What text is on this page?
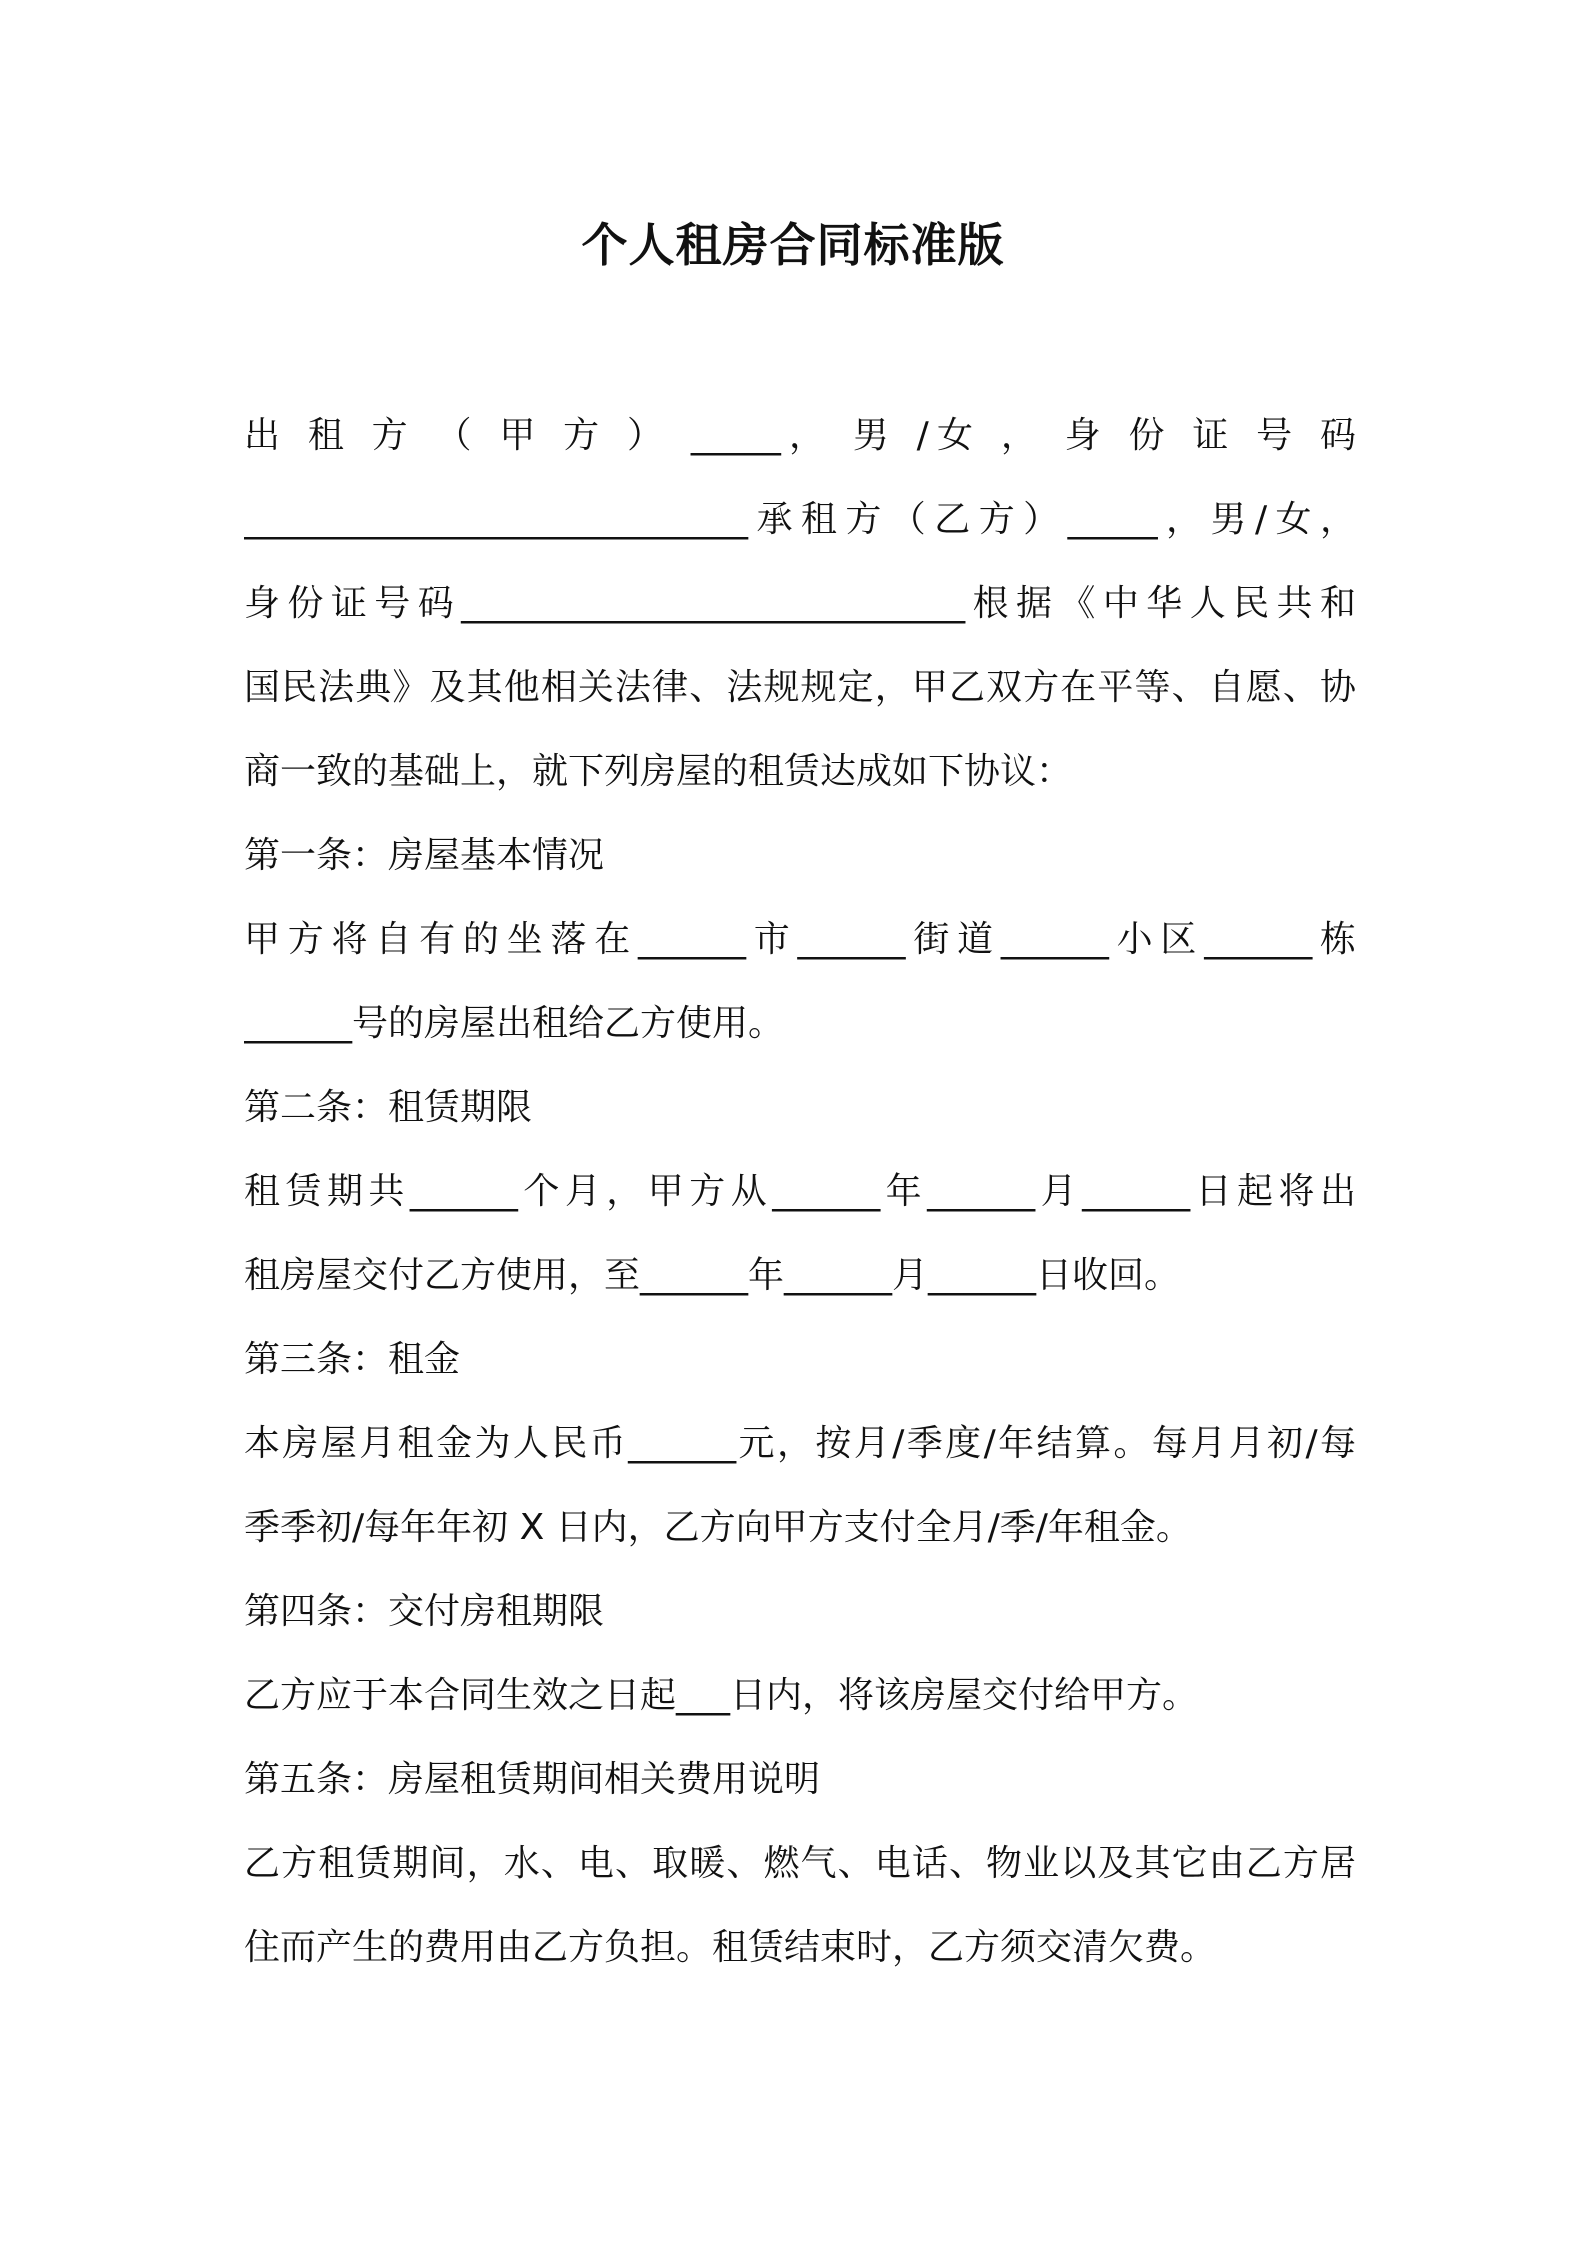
个人租房合同标准版
出 租 方 （ 甲 方 ） _____， 男 /女 ， 身 份 证 号 码
____________________________承租方（乙方）_____，男/女，
身份证号码____________________________根据《中华人民共和
国民法典》及其他相关法律、法规规定，甲乙双方在平等、自愿、协
商一致的基础上，就下列房屋的租赁达成如下协议：
第一条：房屋基本情况
甲方将自有的坐落在______市______街道______小区______栋
______号的房屋出租给乙方使用。
第二条：租赁期限
租赁期共______个月，甲方从______年______月______日起将出
租房屋交付乙方使用，至______年______月______日收回。
第三条：租金
本房屋月租金为人民币______元，按月/季度/年结算。每月月初/每
季季初/每年年初 X 日内，乙方向甲方支付全月/季/年租金。
第四条：交付房租期限
乙方应于本合同生效之日起___日内，将该房屋交付给甲方。
第五条：房屋租赁期间相关费用说明
乙方租赁期间，水、电、取暖、燃气、电话、物业以及其它由乙方居
住而产生的费用由乙方负担。租赁结束时，乙方须交清欠费。
